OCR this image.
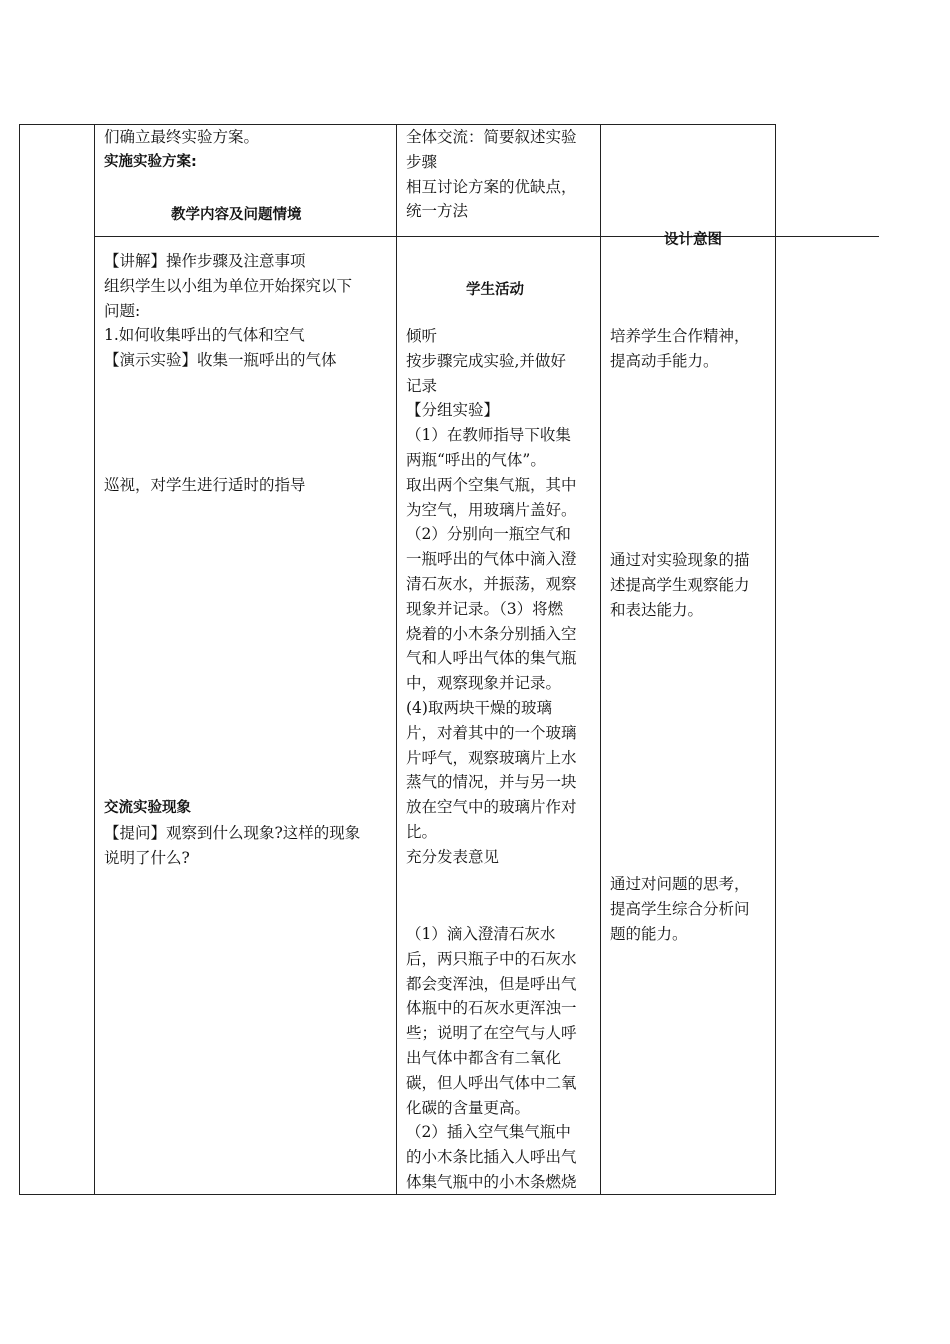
们确立最终实验方案。

实施实验方案:

教学内容及问题情境

全体交流：简要叙述实验

步骤

相互讨论方案的优缺点，

统一方法

设计意图
学生活动

【讲解】操作步骤及注意事项

组织学生以小组为单位开始探究以下

问题:

1.如何收集呼出的气体和空气

【演示实验】收集一瓶呼出的气体

巡视，对学生进行适时的指导

交流实验现象

【提问】观察到什么现象?这样的现象

说明了什么?

倾听

按步骤完成实验,并做好

记录

【分组实验】

（1）在教师指导下收集

两瓶“呼出的气体”。

取出两个空集气瓶，其中

为空气，用玻璃片盖好。

（2）分别向一瓶空气和

一瓶呼出的气体中滴入澄

清石灰水，并振荡，观察

现象并记录。（3）将燃

烧着的小木条分别插入空

气和人呼出气体的集气瓶

中，观察现象并记录。

(4)取两块干燥的玻璃

片，对着其中的一个玻璃

片呼气，观察玻璃片上水

蒸气的情况，并与另一块

放在空气中的玻璃片作对

比。

充分发表意见

（1）滴入澄清石灰水

后，两只瓶子中的石灰水

都会变浑浊，但是呼出气

体瓶中的石灰水更浑浊一

些；说明了在空气与人呼

出气体中都含有二氧化

碳，但人呼出气体中二氧

化碳的含量更高。

（2）插入空气集气瓶中

的小木条比插入人呼出气

体集气瓶中的小木条燃烧

培养学生合作精神，

提高动手能力。

通过对实验现象的描

述提高学生观察能力

和表达能力。

通过对问题的思考，

提高学生综合分析问

题的能力。
